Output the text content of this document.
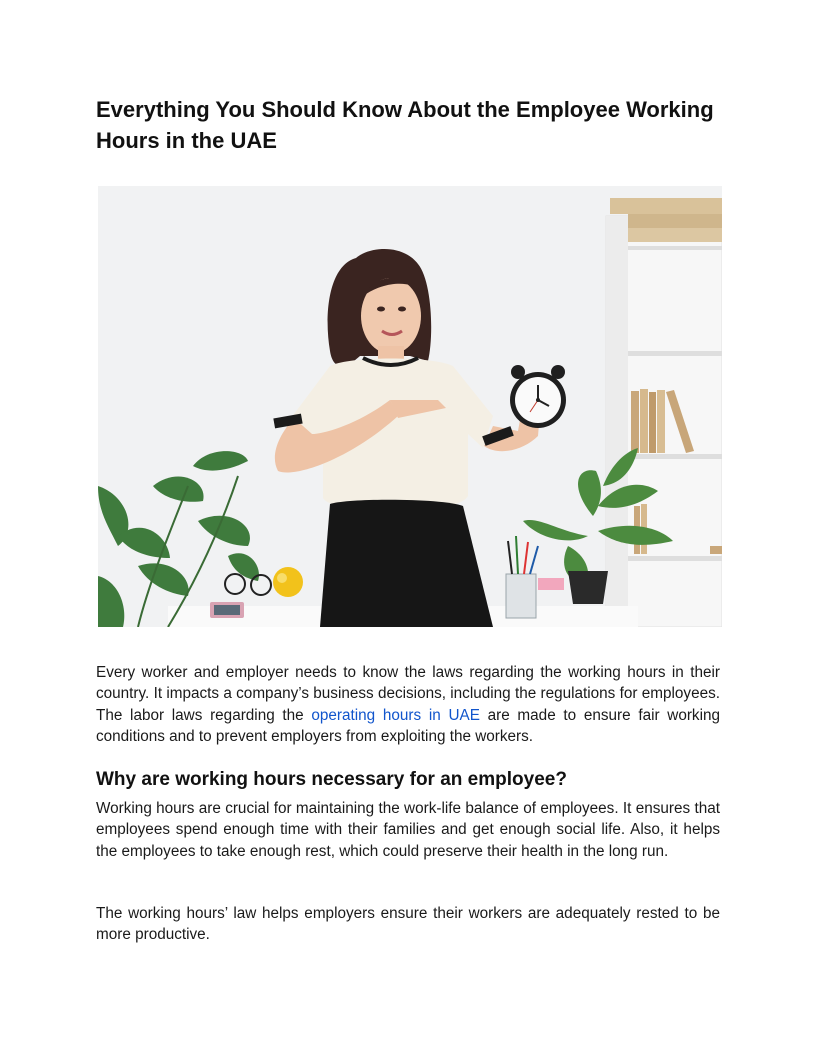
Everything You Should Know About the Employee Working Hours in the UAE

Every worker and employer needs to know the laws regarding the working hours in their country. It impacts a company’s business decisions, including the regulations for employees. The labor laws regarding the operating hours in UAE are made to ensure fair working conditions and to prevent employers from exploiting the workers.

Why are working hours necessary for an employee?

Working hours are crucial for maintaining the work-life balance of employees. It ensures that employees spend enough time with their families and get enough social life. Also, it helps the employees to take enough rest, which could preserve their health in the long run.

The working hours’ law helps employers ensure their workers are adequately rested to be more productive.
